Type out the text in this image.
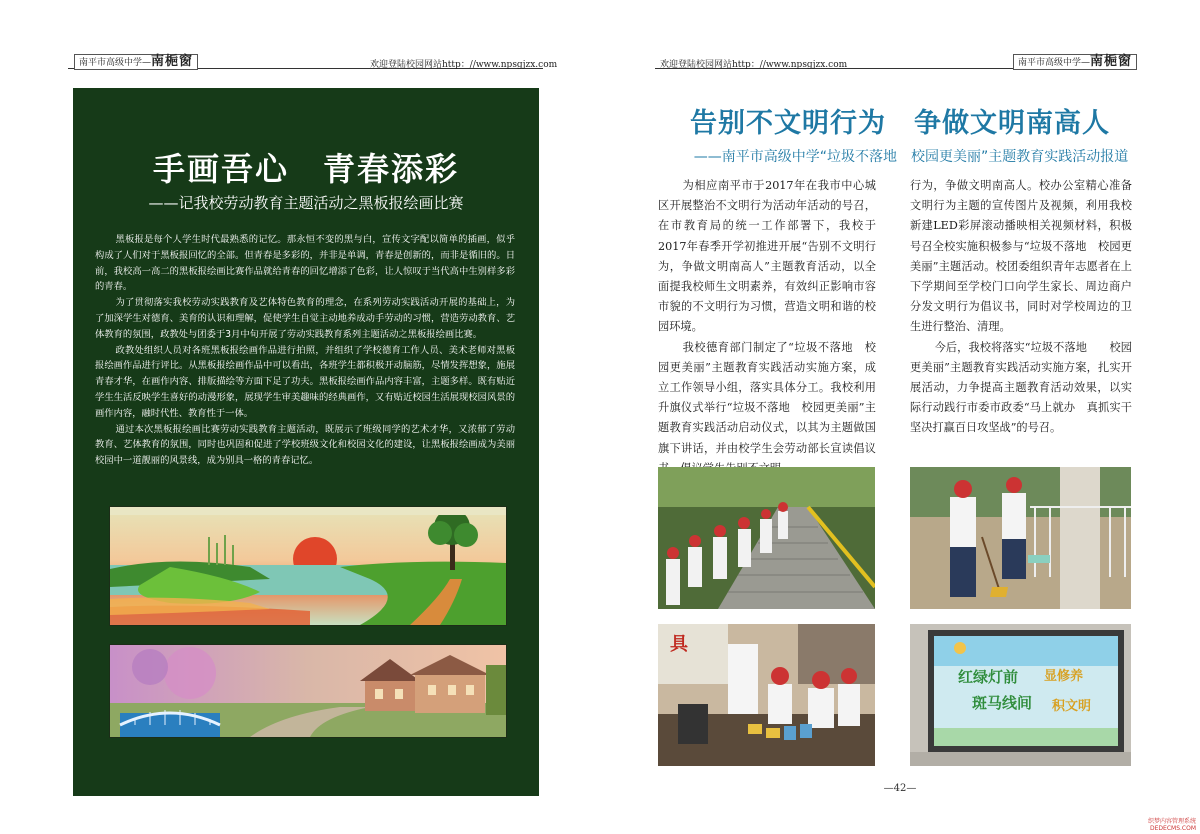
南平市高级中学—南梔窗	欢迎登陆校园网站http：//www.npsgjzx.com	欢迎登陆校园网站http：//www.npsgjzx.com	南平市高级中学—南梔窗
手画吾心　青春添彩
——记我校劳动教育主题活动之黑板报绘画比赛

黑板报是每个人学生时代最熟悉的记忆。那永恒不变的黑与白，宣传文字配以简单的插画，似乎构成了人们对于黑板报回忆的全部。但青春是多彩的，并非是单调，青春是创新的，而非是循旧的。日前，我校高一高二的黑板报绘画比赛作品就给青春的回忆增添了色彩，让人惊叹于当代高中生别样多彩的青春。

为了贯彻落实我校劳动实践教育及艺体特色教育的理念，在系列劳动实践活动开展的基础上，为了加深学生对德育、美育的认识和理解，促使学生自觉主动地养成动手劳动的习惯，营造劳动教育、艺体教育的氛围，政教处与团委于3月中旬开展了劳动实践教育系列主题活动之黑板报绘画比赛。

政教处组织人员对各班黑板报绘画作品进行拍照，并组织了学校德育工作人员、美术老师对黑板报绘画作品进行评比。从黑板报绘画作品中可以看出，各班学生都积极开动脑筋，尽情发挥想象，施展青春才华，在画作内容、排版描绘等方面下足了功夫。黑板报绘画作品内容丰富，主题多样。既有贴近学生生活反映学生喜好的动漫形象，展现学生审美趣味的经典画作，又有贴近校园生活展现校园风景的画作内容，融时代性、教育性于一体。

通过本次黑板报绘画比赛劳动实践教育主题活动，既展示了班级同学的艺术才华，又浓郁了劳动教育、艺体教育的氛围，同时也巩固和促进了学校班级文化和校园文化的建设，让黑板报绘画成为美丽校园中一道靓丽的风景线，成为别具一格的青春记忆。

告别不文明行为　争做文明南高人
——南平市高级中学“垃圾不落地　校园更美丽”主题教育实践活动报道

为相应南平市于2017年在我市中心城区开展整治不文明行为活动年活动的号召，在市教育局的统一工作部署下，我校于2017年春季开学初推进开展“告别不文明行为，争做文明南高人”主题教育活动，以全面提我校师生文明素养，有效纠正影响市容市貌的不文明行为习惯，营造文明和谐的校园环境。

我校德育部门制定了“垃圾不落地　校园更美丽”主题教育实践活动实施方案，成立工作领导小组，落实具体分工。我校利用升旗仪式举行“垃圾不落地　校园更美丽”主题教育实践活动启动仪式，以其为主题做国旗下讲话，并由校学生会劳动部长宣读倡议

行为，争做文明南高人。校办公室精心准备文明行为主题的宣传图片及视频，利用我校新建LED彩屏滚动播映相关视频材料，积极号召全校实施积极参与“垃圾不落地　校园更美丽”主题活动。校团委组织青年志愿者在上下学期间至学校门口向学生家长、周边商户分发文明行为倡议书，同时对学校周边的卫生进行整治、清理。

今后，我校将落实“垃圾不落地　　校园更美丽”主题教育实践活动实施方案，扎实开展活动，力争提高主题教育活动效果，以实际行动践行市委市政委“马上就办　真抓实干　坚决打赢百日攻坚战”的号召。

具
红绿灯前 显修养
斑马线间 积文明
—42—
织梦内容管理系统
DEDECMS.COM
